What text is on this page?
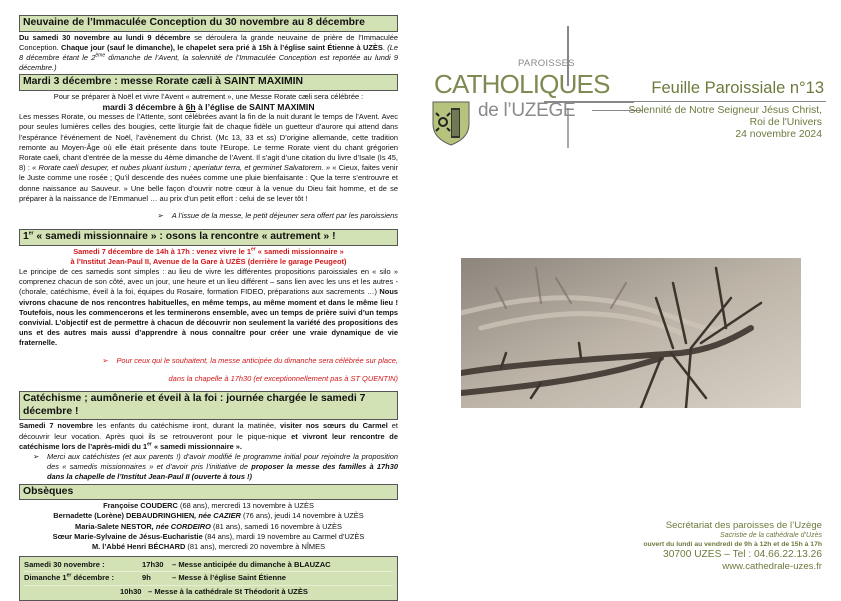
Neuvaine de l’Immaculée Conception du 30 novembre au 8 décembre

Du samedi 30 novembre au lundi 9 décembre se déroulera la grande neuvaine de prière de l’Immaculée Conception. Chaque jour (sauf le dimanche), le chapelet sera prié à 15h à l’église saint Étienne à UZÈS. (Le 8 décembre étant le 2ème dimanche de l’Avent, la solennité de l’Immaculée Conception est reportée au lundi 9 décembre.)

Mardi 3 décembre : messe Rorate cæli à SAINT MAXIMIN

Pour se préparer à Noël et vivre l’Avent « autrement », une Messe Rorate cæli sera célébrée :

mardi 3 décembre à 6h à l’église de SAINT MAXIMIN

Les messes Rorate, ou messes de l’Attente, sont célébrées avant la fin de la nuit durant le temps de l’Avent. Avec pour seules lumières celles des bougies, cette liturgie fait de chaque fidèle un guetteur d’aurore qui attend dans l’espérance l’événement de Noël, l’avènement du Christ. (Mc 13, 33 et ss) D’origine allemande, cette tradition remonte au Moyen-Âge où elle était présente dans toute l’Europe. Le terme Rorate vient du chant grégorien Rorate caeli, chant d’entrée de la messe du 4ème dimanche de l’Avent. Il s’agit d’une citation du livre d’Isaïe (Is 45, 8) : « Rorate caeli desuper, et nubes pluant iustum ; aperiatur terra, et germinet Salvatorem. » « Cieux, faites venir le Juste comme une rosée ; Qu’il descende des nuées comme une pluie bienfaisante : Que la terre s’entrouvre et donne naissance au Sauveur. » Une belle façon d’ouvrir notre cœur à la venue du Dieu fait homme, et de se préparer à la naissance de l’Emmanuel … au prix d’un petit effort : celui de se lever tôt !

➢ A l’issue de la messe, le petit déjeuner sera offert par les paroissiens

1er « samedi missionnaire » : osons la rencontre « autrement » !

Samedi 7 décembre de 14h à 17h : venez vivre le 1er « samedi missionnaire »

à l’Institut Jean-Paul II, Avenue de la Gare à UZÈS (derrière le garage Peugeot)

Le principe de ces samedis sont simples : au lieu de vivre les différentes propositions paroissiales en « silo » comprenez chacun de son côté, avec un jour, une heure et un lieu différent – sans lien avec les uns et les autres - (chorale, catéchisme, éveil à la foi, équipes du Rosaire, formation FIDEO, préparations aux sacrements …) Nous vivrons chacune de nos rencontres habituelles, en même temps, au même moment et dans le même lieu ! Toutefois, nous les commencerons et les terminerons ensemble, avec un temps de prière suivi d’un temps convivial. L’objectif est de permettre à chacun de découvrir non seulement la variété des propositions des uns et des autres mais aussi d’apprendre à nous connaître pour créer une vraie dynamique de vie fraternelle.

➢ Pour ceux qui le souhaitent, la messe anticipée du dimanche sera célébrée sur place,

dans la chapelle à 17h30 (et exceptionnellement pas à ST QUENTIN)

Catéchisme ; aumônerie et éveil à la foi : journée chargée le samedi 7 décembre !

Samedi 7 novembre les enfants du catéchisme iront, durant la matinée, visiter nos sœurs du Carmel et découvrir leur vocation. Après quoi ils se retrouveront pour le pique-nique et vivront leur rencontre de catéchisme lors de l’après-midi du 1er « samedi missionnaire ».

➢	Merci aux catéchistes (et aux parents !) d’avoir modifié le programme initial pour rejoindre la proposition des « samedis missionnaires » et d’avoir pris l’initiative de proposer la messe des familles à 17h30 dans la chapelle de l’Institut Jean-Paul II (ouverte à tous !)

Obsèques

Françoise COUDERC (68 ans), mercredi 13 novembre à UZÈS

Bernadette (Lorène) DEBAUDRINGHIEN, née CAZIER (76 ans), jeudi 14 novembre à UZÈS

Maria-Salete NESTOR, née CORDEIRO (81 ans), samedi 16 novembre à UZÈS

Sœur Marie-Sylvaine de Jésus-Eucharistie (84 ans), mardi 19 novembre au Carmel d’UZÈS

M. l’Abbé Henri BÉCHARD (81 ans), mercredi 20 novembre à NÎMES

Samedi 30 novembre :	17h30	– Messe anticipée du dimanche à BLAUZAC
Dimanche 1er décembre :	9h	– Messe à l’église Saint Étienne
10h30 – Messe à la cathédrale St Théodorit à UZÈS
PAROISSES
CATHOLIQUES
de l’UZEGE
Feuille Paroissiale n°13
Solennité de Notre Seigneur Jésus Christ,
Roi de l'Univers
24 novembre 2024
Secrétariat des paroisses de l’Uzège
Sacristie de la cathédrale d’Uzès
ouvert du lundi au vendredi de 9h à 12h et de 15h à 17h
30700 UZES – Tel : 04.66.22.13.26
www.cathedrale-uzes.fr
